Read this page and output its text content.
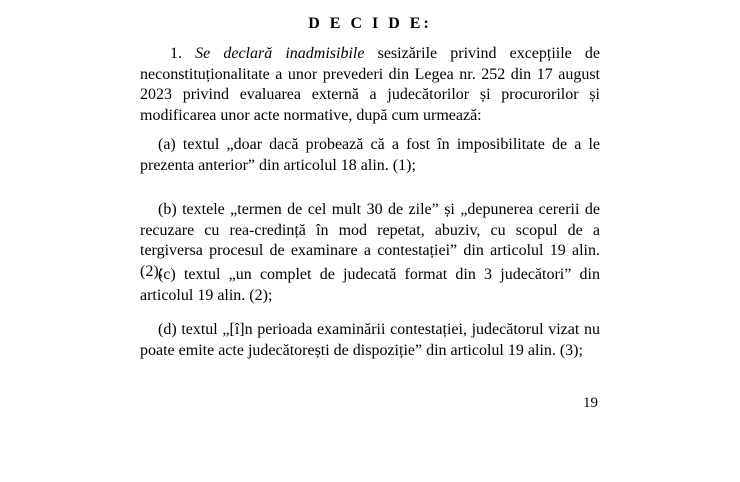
D E C I D E:

1. Se declară inadmisibile sesizările privind excepțiile de neconstituționalitate a unor prevederi din Legea nr. 252 din 17 august 2023 privind evaluarea externă a judecătorilor și procurorilor și modificarea unor acte normative, după cum urmează:

(a) textul „doar dacă probează că a fost în imposibilitate de a le prezenta anterior” din articolul 18 alin. (1);

(b) textele „termen de cel mult 30 de zile” și „depunerea cererii de recuzare cu rea-credință în mod repetat, abuziv, cu scopul de a tergiversa procesul de examinare a contestației” din articolul 19 alin. (2);

(c) textul „un complet de judecată format din 3 judecători” din articolul 19 alin. (2);

(d) textul „[î]n perioada examinării contestației, judecătorul vizat nu poate emite acte judecătorești de dispoziție” din articolul 19 alin. (3);

19
